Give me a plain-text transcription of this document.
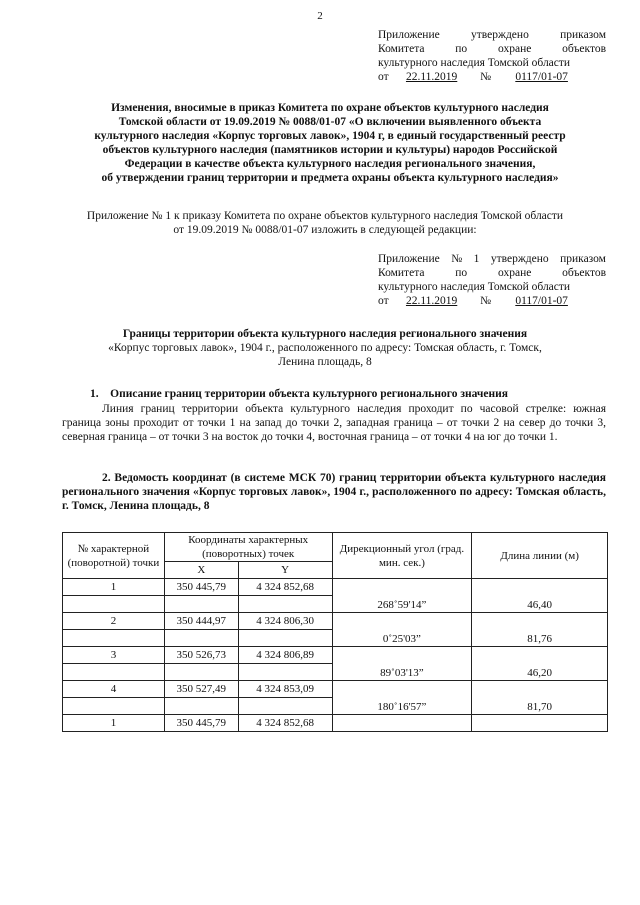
2
Приложение	утверждено	приказом
Комитета	по	охране	объектов
культурного наследия Томской области
от	22.11.2019	№	0117/01-07
Изменения, вносимые в приказ Комитета по охране объектов культурного наследия
Томской области от 19.09.2019 № 0088/01-07 «О включении выявленного объекта
культурного наследия «Корпус торговых лавок», 1904 г, в единый государственный реестр
объектов культурного наследия (памятников истории и культуры) народов Российской
Федерации в качестве объекта культурного наследия регионального значения,
об утверждении границ территории и предмета охраны объекта культурного наследия»
Приложение № 1 к приказу Комитета по охране объектов культурного наследия Томской области
от 19.09.2019 № 0088/01-07 изложить в следующей редакции:
Приложение № 1 утверждено приказом
Комитета	по	охране	объектов
культурного наследия Томской области
от	22.11.2019	№	0117/01-07
Границы территории объекта культурного наследия регионального значения
«Корпус торговых лавок», 1904 г., расположенного по адресу: Томская область, г. Томск,
Ленина площадь, 8
1.    Описание границ территории объекта культурного регионального значения
Линия границ территории объекта культурного наследия проходит по часовой стрелке: южная граница зоны проходит от точки 1 на запад до точки 2, западная граница – от точки 2 на север до точки 3, северная граница – от точки 3 на восток до точки 4, восточная граница – от точки 4 на юг до точки 1.
2. Ведомость координат (в системе МСК 70) границ территории объекта культурного наследия регионального значения «Корпус торговых лавок», 1904 г., расположенного по адресу: Томская область, г. Томск, Ленина площадь, 8
№ характерной (поворотной) точки	Координаты характерных (поворотных) точек		Дирекционный угол (град. мин. сек.)	Длина линии (м)
	X	Y		
1	350 445,79	4 324 852,68	268˚59'14”	46,40

2	350 444,97	4 324 806,30	0˚25'03”	81,76

3	350 526,73	4 324 806,89	89˚03'13”	46,20

4	350 527,49	4 324 853,09	180˚16'57”	81,70

1	350 445,79	4 324 852,68		
